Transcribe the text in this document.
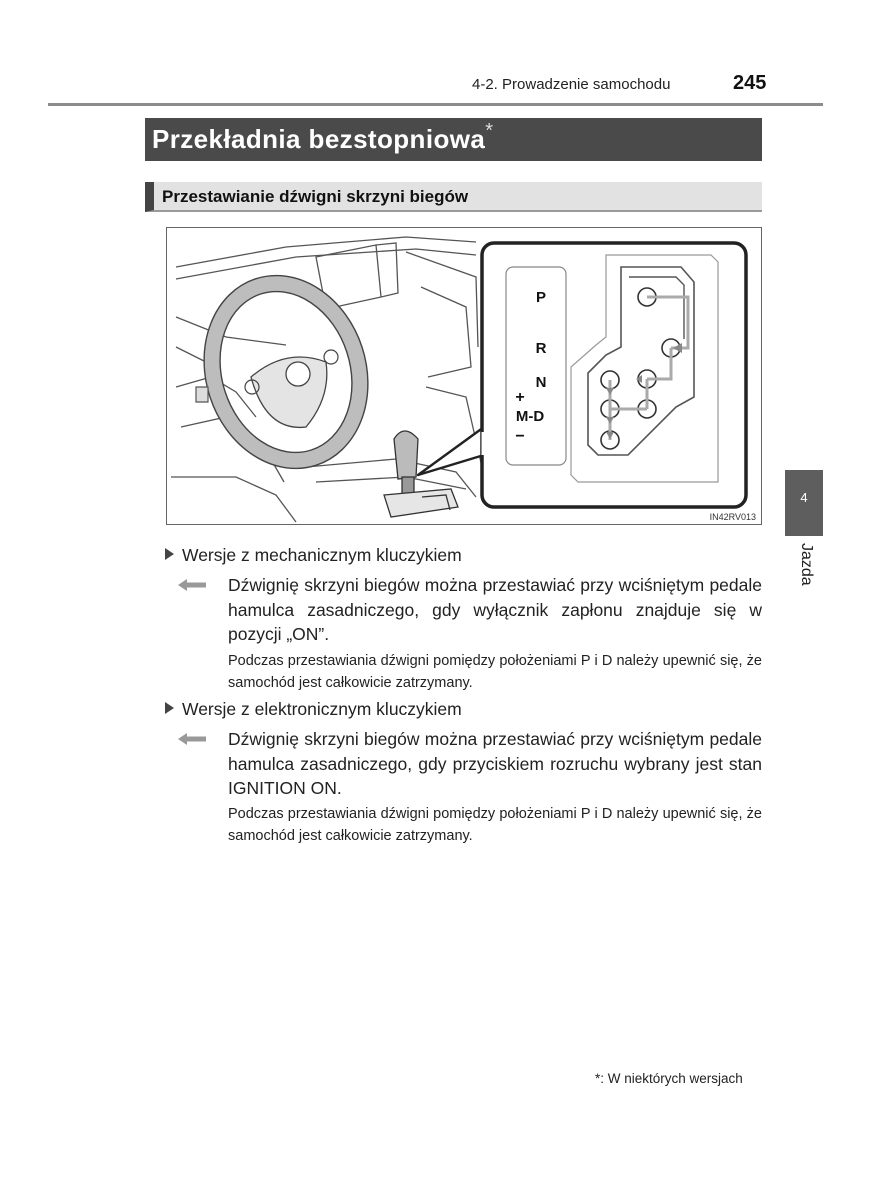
4-2. Prowadzenie samochodu	245
Przekładnia bezstopniowa*
Przestawianie dźwigni skrzyni biegów
P
R
N
+
M-D
−
IN42RV013
Wersje z mechanicznym kluczykiem
Dźwignię skrzyni biegów można przestawiać przy wciśniętym pedale hamulca zasadniczego, gdy wyłącznik zapłonu znajduje się w pozycji „ON”.
Podczas przestawiania dźwigni pomiędzy położeniami P i D należy upewnić się, że samochód jest całkowicie zatrzymany.
Wersje z elektronicznym kluczykiem
Dźwignię skrzyni biegów można przestawiać przy wciśniętym pedale hamulca zasadniczego, gdy przyciskiem rozruchu wybrany jest stan IGNITION ON.
Podczas przestawiania dźwigni pomiędzy położeniami P i D należy upewnić się, że samochód jest całkowicie zatrzymany.
4
Jazda
*: W niektórych wersjach
